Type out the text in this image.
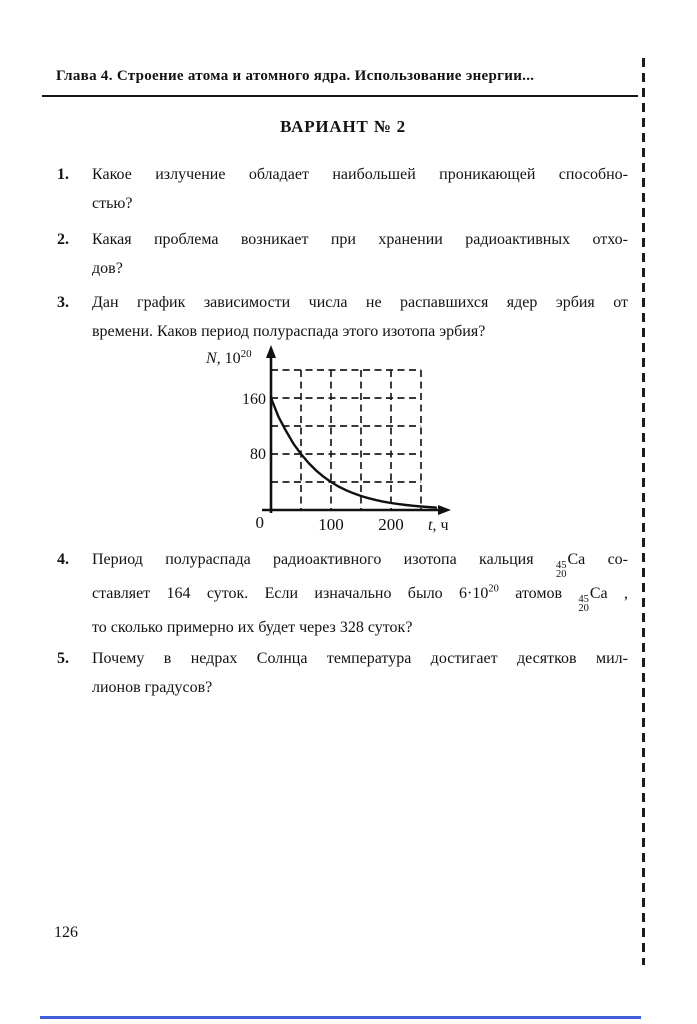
Глава 4. Строение атома и атомного ядра. Использование энергии...
ВАРИАНТ № 2
1. Какое излучение обладает наибольшей проникающей способно-
стью?
2. Какая проблема возникает при хранении радиоактивных отхо-
дов?
3. Дан график зависимости числа не распавшихся ядер эрбия от
времени. Каков период полураспада этого изотопа эрбия?
N, $10^{20}$
160
80
0	100 200 t, ч
4. Период полураспада радиоактивного изотопа кальция 45
20
Ca со-
ставляет 164 суток. Если изначально было $6\cdot 10^{20}$ атомов 45
20
Ca ,
то сколько примерно их будет через 328 суток?
5. Почему в недрах Солнца температура достигает десятков мил-
лионов градусов?
126
